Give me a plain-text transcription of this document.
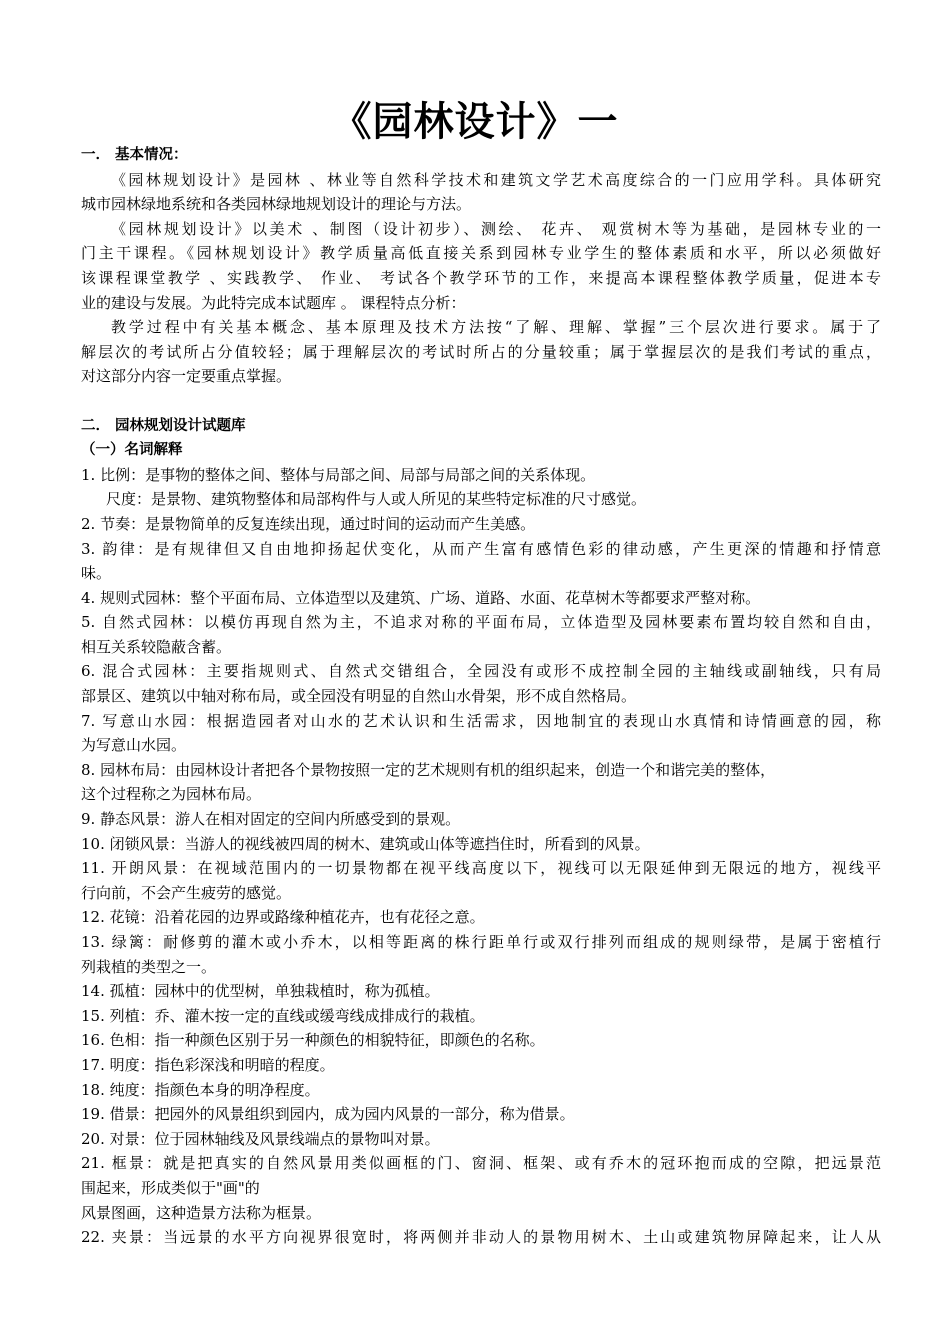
《园林设计》一
一． 基本情况：
《园林规划设计》是园林 、林业等自然科学技术和建筑文学艺术高度综合的一门应用学科。具体研究
城市园林绿地系统和各类园林绿地规划设计的理论与方法。
《园林规划设计》以美术 、制图（设计初步）、测绘、 花卉、 观赏树木等为基础，是园林专业的一
门主干课程。《园林规划设计》教学质量高低直接关系到园林专业学生的整体素质和水平，所以必须做好
该课程课堂教学 、实践教学、 作业、 考试各个教学环节的工作，来提高本课程整体教学质量，促进本专
业的建设与发展。为此特完成本试题库 。 课程特点分析：
教学过程中有关基本概念、基本原理及技术方法按“了解、理解、掌握”三个层次进行要求。属于了
解层次的考试所占分值较轻；属于理解层次的考试时所占的分量较重；属于掌握层次的是我们考试的重点，
对这部分内容一定要重点掌握。
二． 园林规划设计试题库
（一）名词解释
1. 比例：是事物的整体之间、整体与局部之间、局部与局部之间的关系体现。
尺度：是景物、建筑物整体和局部构件与人或人所见的某些特定标准的尺寸感觉。
2. 节奏：是景物简单的反复连续出现，通过时间的运动而产生美感。
3. 韵律：是有规律但又自由地抑扬起伏变化，从而产生富有感情色彩的律动感，产生更深的情趣和抒情意
味。
4. 规则式园林：整个平面布局、立体造型以及建筑、广场、道路、水面、花草树木等都要求严整对称。
5. 自然式园林：以模仿再现自然为主，不追求对称的平面布局，立体造型及园林要素布置均较自然和自由，
相互关系较隐蔽含蓄。
6. 混合式园林：主要指规则式、自然式交错组合，全园没有或形不成控制全园的主轴线或副轴线，只有局
部景区、建筑以中轴对称布局，或全园没有明显的自然山水骨架，形不成自然格局。
7. 写意山水园：根据造园者对山水的艺术认识和生活需求，因地制宜的表现山水真情和诗情画意的园，称
为写意山水园。
8. 园林布局：由园林设计者把各个景物按照一定的艺术规则有机的组织起来，创造一个和谐完美的整体，
这个过程称之为园林布局。
9. 静态风景：游人在相对固定的空间内所感受到的景观。
10. 闭锁风景：当游人的视线被四周的树木、建筑或山体等遮挡住时，所看到的风景。
11. 开朗风景：在视域范围内的一切景物都在视平线高度以下，视线可以无限延伸到无限远的地方，视线平
行向前，不会产生疲劳的感觉。
12. 花镜：沿着花园的边界或路缘种植花卉，也有花径之意。
13. 绿篱：耐修剪的灌木或小乔木，以相等距离的株行距单行或双行排列而组成的规则绿带，是属于密植行
列栽植的类型之一。
14. 孤植：园林中的优型树，单独栽植时，称为孤植。
15. 列植：乔、灌木按一定的直线或缓弯线成排成行的栽植。
16. 色相：指一种颜色区别于另一种颜色的相貌特征，即颜色的名称。
17. 明度：指色彩深浅和明暗的程度。
18. 纯度：指颜色本身的明净程度。
19. 借景：把园外的风景组织到园内，成为园内风景的一部分，称为借景。
20. 对景：位于园林轴线及风景线端点的景物叫对景。
21. 框景：就是把真实的自然风景用类似画框的门、窗洞、框架、或有乔木的冠环抱而成的空隙，把远景范
围起来，形成类似于"画"的
风景图画，这种造景方法称为框景。
22. 夹景：当远景的水平方向视界很宽时，将两侧并非动人的景物用树木、土山或建筑物屏障起来，让人从
